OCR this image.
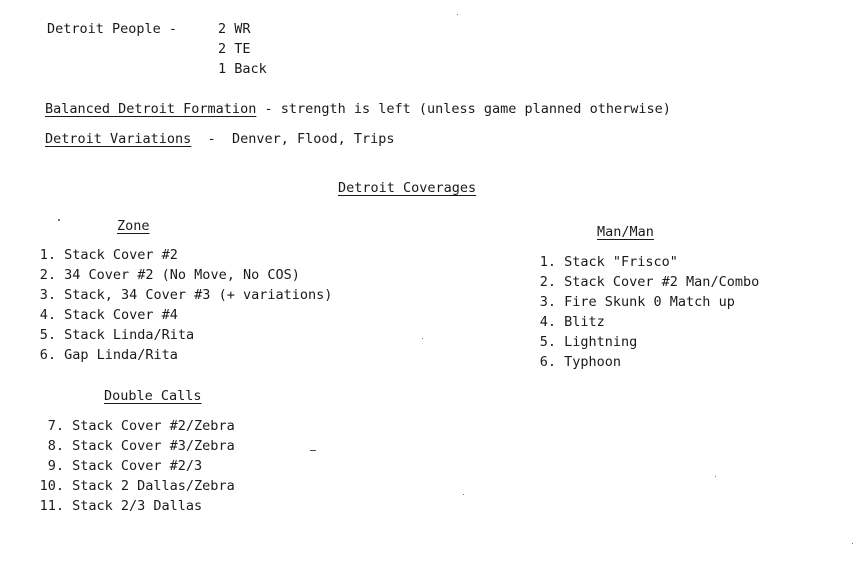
Detroit People -	2 WR
2 TE
1 Back
Balanced Detroit Formation - strength is left (unless game planned otherwise)
Detroit Variations  -  Denver, Flood, Trips
Detroit Coverages
Zone
1. Stack Cover #2
2. 34 Cover #2 (No Move, No COS)
3. Stack, 34 Cover #3 (+ variations)
4. Stack Cover #4
5. Stack Linda/Rita
6. Gap Linda/Rita
Double Calls
7. Stack Cover #2/Zebra
8. Stack Cover #3/Zebra
9. Stack Cover #2/3
10. Stack 2 Dallas/Zebra
11. Stack 2/3 Dallas
Man/Man
1. Stack "Frisco"
2. Stack Cover #2 Man/Combo
3. Fire Skunk 0 Match up
4. Blitz
5. Lightning
6. Typhoon
